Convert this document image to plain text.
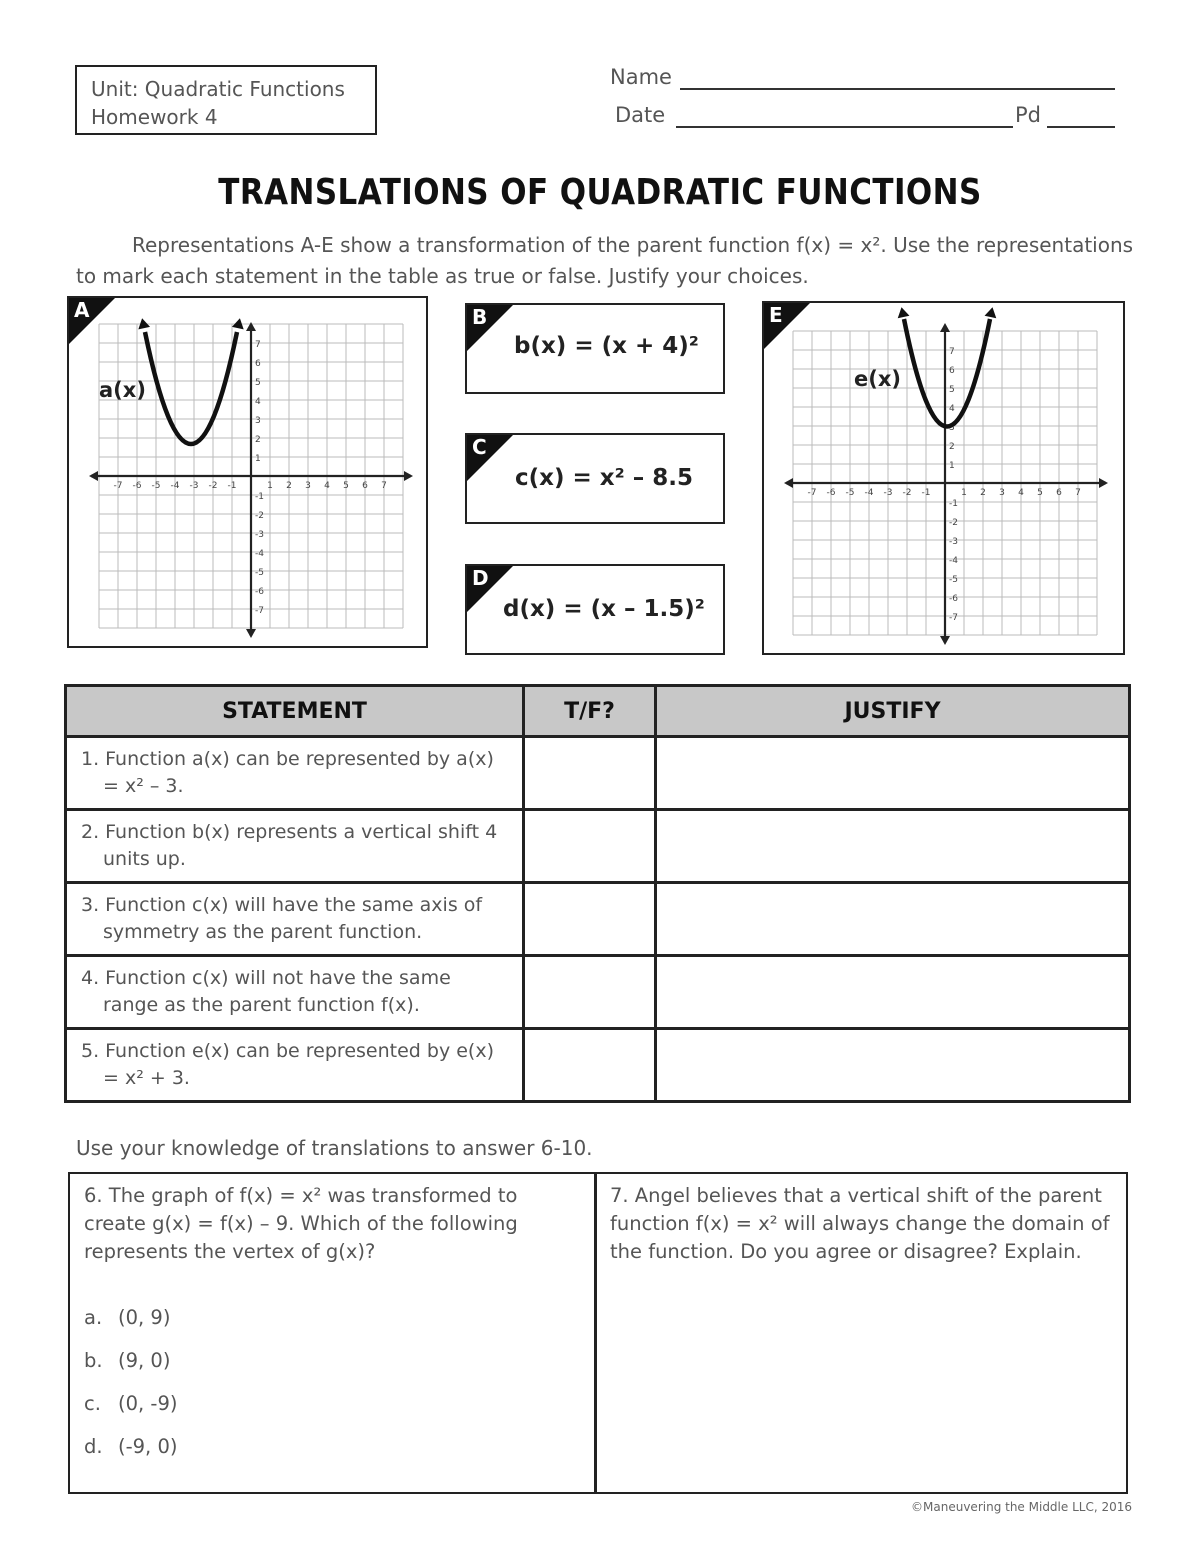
Unit: Quadratic Functions
Homework 4
Name
Date	Pd
TRANSLATIONS OF QUADRATIC FUNCTIONS
Representations A-E show a transformation of the parent function f(x) = x². Use the representations to mark each statement in the table as true or false. Justify your choices.
A
-7 -6 -5 -4 -3 -2 -1	1 2 3 4 5 6 7
7
6
5
4
3
2
1
-1
-2
-3
-4
-5
-6
-7
a(x)
B
b(x) = (x + 4)²
C
c(x) = x² – 8.5
D
d(x) = (x – 1.5)²
E
-7 -6 -5 -4 -3 -2 -1	1 2 3 4 5 6 7
7
6
5
4
3
2
1
-1
-2
-3
-4
-5
-6
-7
e(x)
STATEMENT	T/F?	JUSTIFY

1. Function a(x) can be represented by a(x) = x² – 3.		

2. Function b(x) represents a vertical shift 4 units up.		

3. Function c(x) will have the same axis of symmetry as the parent function.		

4. Function c(x) will not have the same range as the parent function f(x).		

5. Function e(x) can be represented by e(x) = x² + 3.		

Use your knowledge of translations to answer 6-10.
6. The graph of f(x) = x² was transformed to create g(x) = f(x) – 9. Which of the following represents the vertex of g(x)?
a. (0, 9)
b. (9, 0)
c. (0, -9)
d. (-9, 0)
7. Angel believes that a vertical shift of the parent function f(x) = x² will always change the domain of the function. Do you agree or disagree? Explain.
©Maneuvering the Middle LLC, 2016
